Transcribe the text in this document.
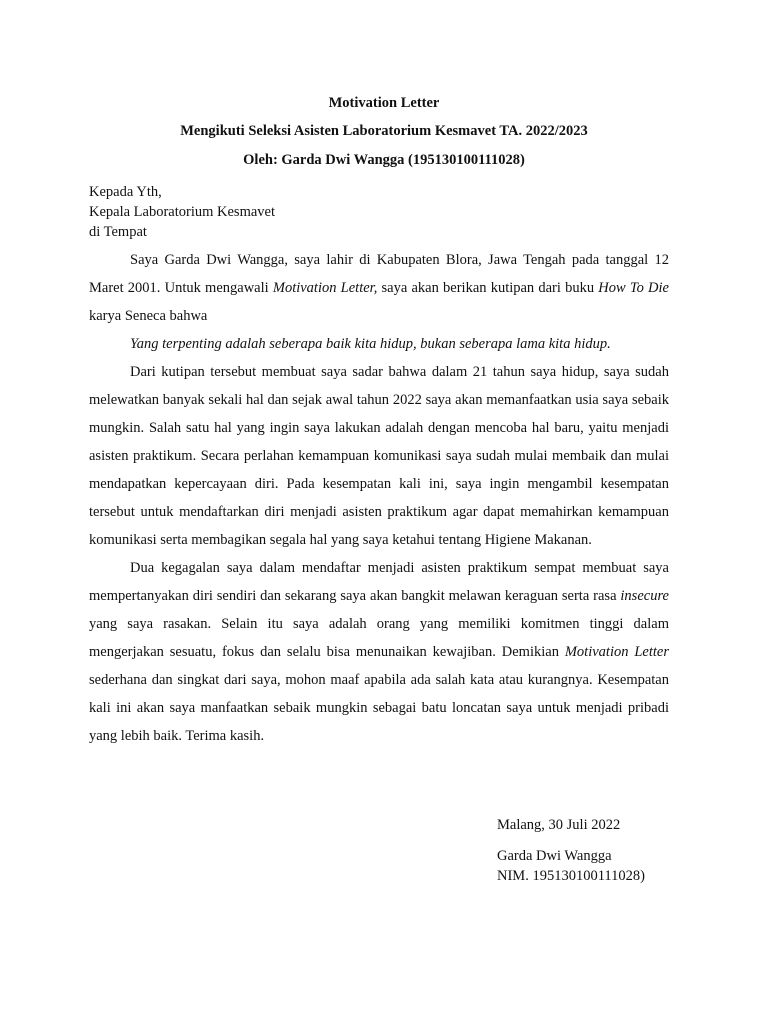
Motivation Letter
Mengikuti Seleksi Asisten Laboratorium Kesmavet TA. 2022/2023
Oleh: Garda Dwi Wangga (195130100111028)
Kepada Yth,
Kepala Laboratorium Kesmavet
di Tempat

Saya Garda Dwi Wangga, saya lahir di Kabupaten Blora, Jawa Tengah pada tanggal 12 Maret 2001. Untuk mengawali Motivation Letter, saya akan berikan kutipan dari buku How To Die karya Seneca bahwa

Yang terpenting adalah seberapa baik kita hidup, bukan seberapa lama kita hidup.

Dari kutipan tersebut membuat saya sadar bahwa dalam 21 tahun saya hidup, saya sudah melewatkan banyak sekali hal dan sejak awal tahun 2022 saya akan memanfaatkan usia saya sebaik mungkin. Salah satu hal yang ingin saya lakukan adalah dengan mencoba hal baru, yaitu menjadi asisten praktikum. Secara perlahan kemampuan komunikasi saya sudah mulai membaik dan mulai mendapatkan kepercayaan diri. Pada kesempatan kali ini, saya ingin mengambil kesempatan tersebut untuk mendaftarkan diri menjadi asisten praktikum agar dapat memahirkan kemampuan komunikasi serta membagikan segala hal yang saya ketahui tentang Higiene Makanan.

Dua kegagalan saya dalam mendaftar menjadi asisten praktikum sempat membuat saya mempertanyakan diri sendiri dan sekarang saya akan bangkit melawan keraguan serta rasa insecure yang saya rasakan. Selain itu saya adalah orang yang memiliki komitmen tinggi dalam mengerjakan sesuatu, fokus dan selalu bisa menunaikan kewajiban. Demikian Motivation Letter sederhana dan singkat dari saya, mohon maaf apabila ada salah kata atau kurangnya. Kesempatan kali ini akan saya manfaatkan sebaik mungkin sebagai batu loncatan saya untuk menjadi pribadi yang lebih baik. Terima kasih.

Malang, 30 Juli 2022
Garda Dwi Wangga
NIM. 195130100111028)
